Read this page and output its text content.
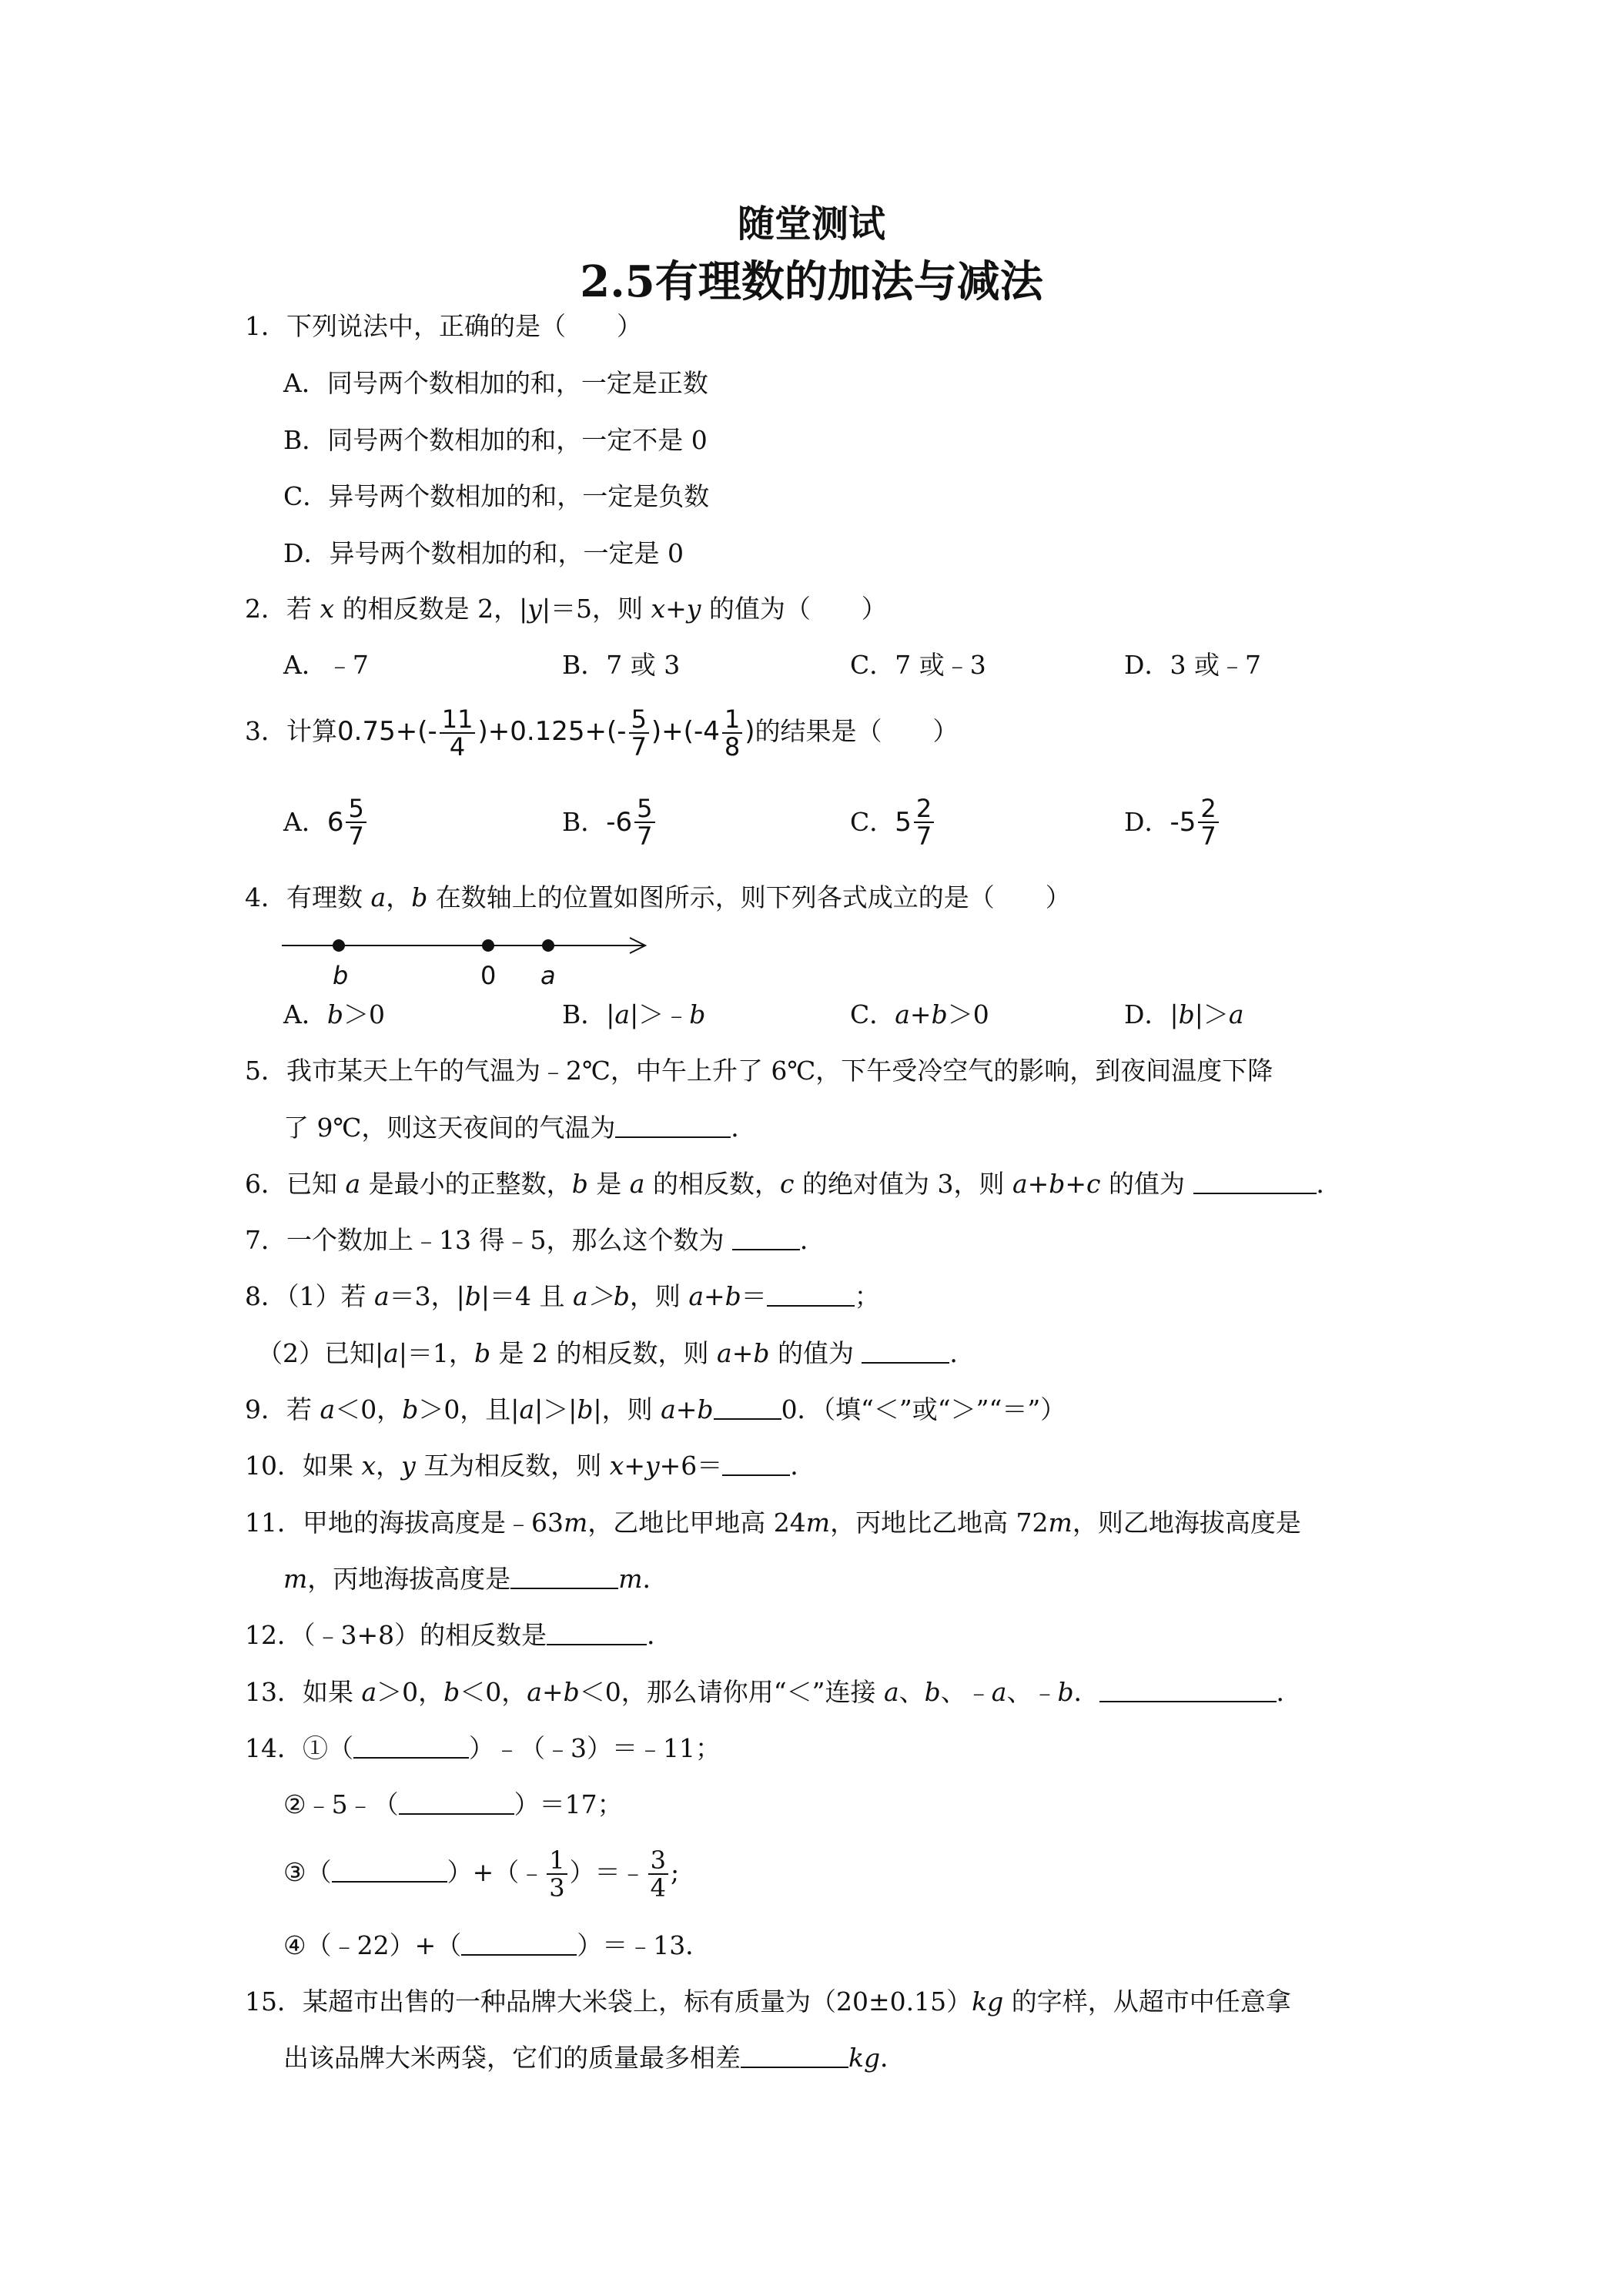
随堂测试
2.5有理数的加法与减法
1．下列说法中，正确的是（　　）
A．同号两个数相加的和，一定是正数
B．同号两个数相加的和，一定不是 0
C．异号两个数相加的和，一定是负数
D．异号两个数相加的和，一定是 0
2．若 x 的相反数是 2，|y|＝5，则 x+y 的值为（　　）
A．﹣7	B．7 或 3	C．7 或﹣3	D．3 或﹣7
3．计算$0.75+(- \frac{11}{4} )+0.125+(- \frac{5}{7} )+(-4 \frac{1}{8}$ )的结果是（　　）
A． $6 \frac{5}{7}$	B． $-6 \frac{5}{7}$	C． $5 \frac{2}{7}$	D． $-5 \frac{2}{7}$
4．有理数 a，b 在数轴上的位置如图所示，则下列各式成立的是（　　）
b	0 a
A．b＞0	B．|a|＞﹣b	C．a+b＞0	D．|b|＞a
5．我市某天上午的气温为﹣2℃，中午上升了 6℃，下午受冷空气的影响，到夜间温度下降
了 9℃，则这天夜间的气温为	．
6．已知 a 是最小的正整数，b 是 a 的相反数，c 的绝对值为 3，则 a+b+c 的值为	．
7．一个数加上﹣13 得﹣5，那么这个数为	．
8．（1）若 a＝3，|b|＝4 且 a＞b，则 a+b＝	；
（2）已知|a|＝1，b 是 2 的相反数，则 a+b 的值为	．
9．若 a＜0，b＞0，且|a|＞|b|，则 a+b	0．（填“＜”或“＞”“＝”）
10．如果 x，y 互为相反数，则 x+y+6＝	．
11．甲地的海拔高度是﹣63m，乙地比甲地高 24m，丙地比乙地高 72m，则乙地海拔高度是
m，丙地海拔高度是	m．
12．（﹣3+8）的相反数是	．
13．如果 a＞0，b＜0，a+b＜0，那么请你用“＜”连接 a、b、﹣a、﹣b．	．
14．①（	）﹣（﹣3）＝﹣11；
②﹣5﹣（	）＝17；
③（	）+（﹣ $\frac{1}{3}$ ）＝﹣ $\frac{3}{4}$ ;
④（﹣22）+（	）＝﹣13．
15．某超市出售的一种品牌大米袋上，标有质量为（20±0.15）kg 的字样，从超市中任意拿
出该品牌大米两袋，它们的质量最多相差	kg．
